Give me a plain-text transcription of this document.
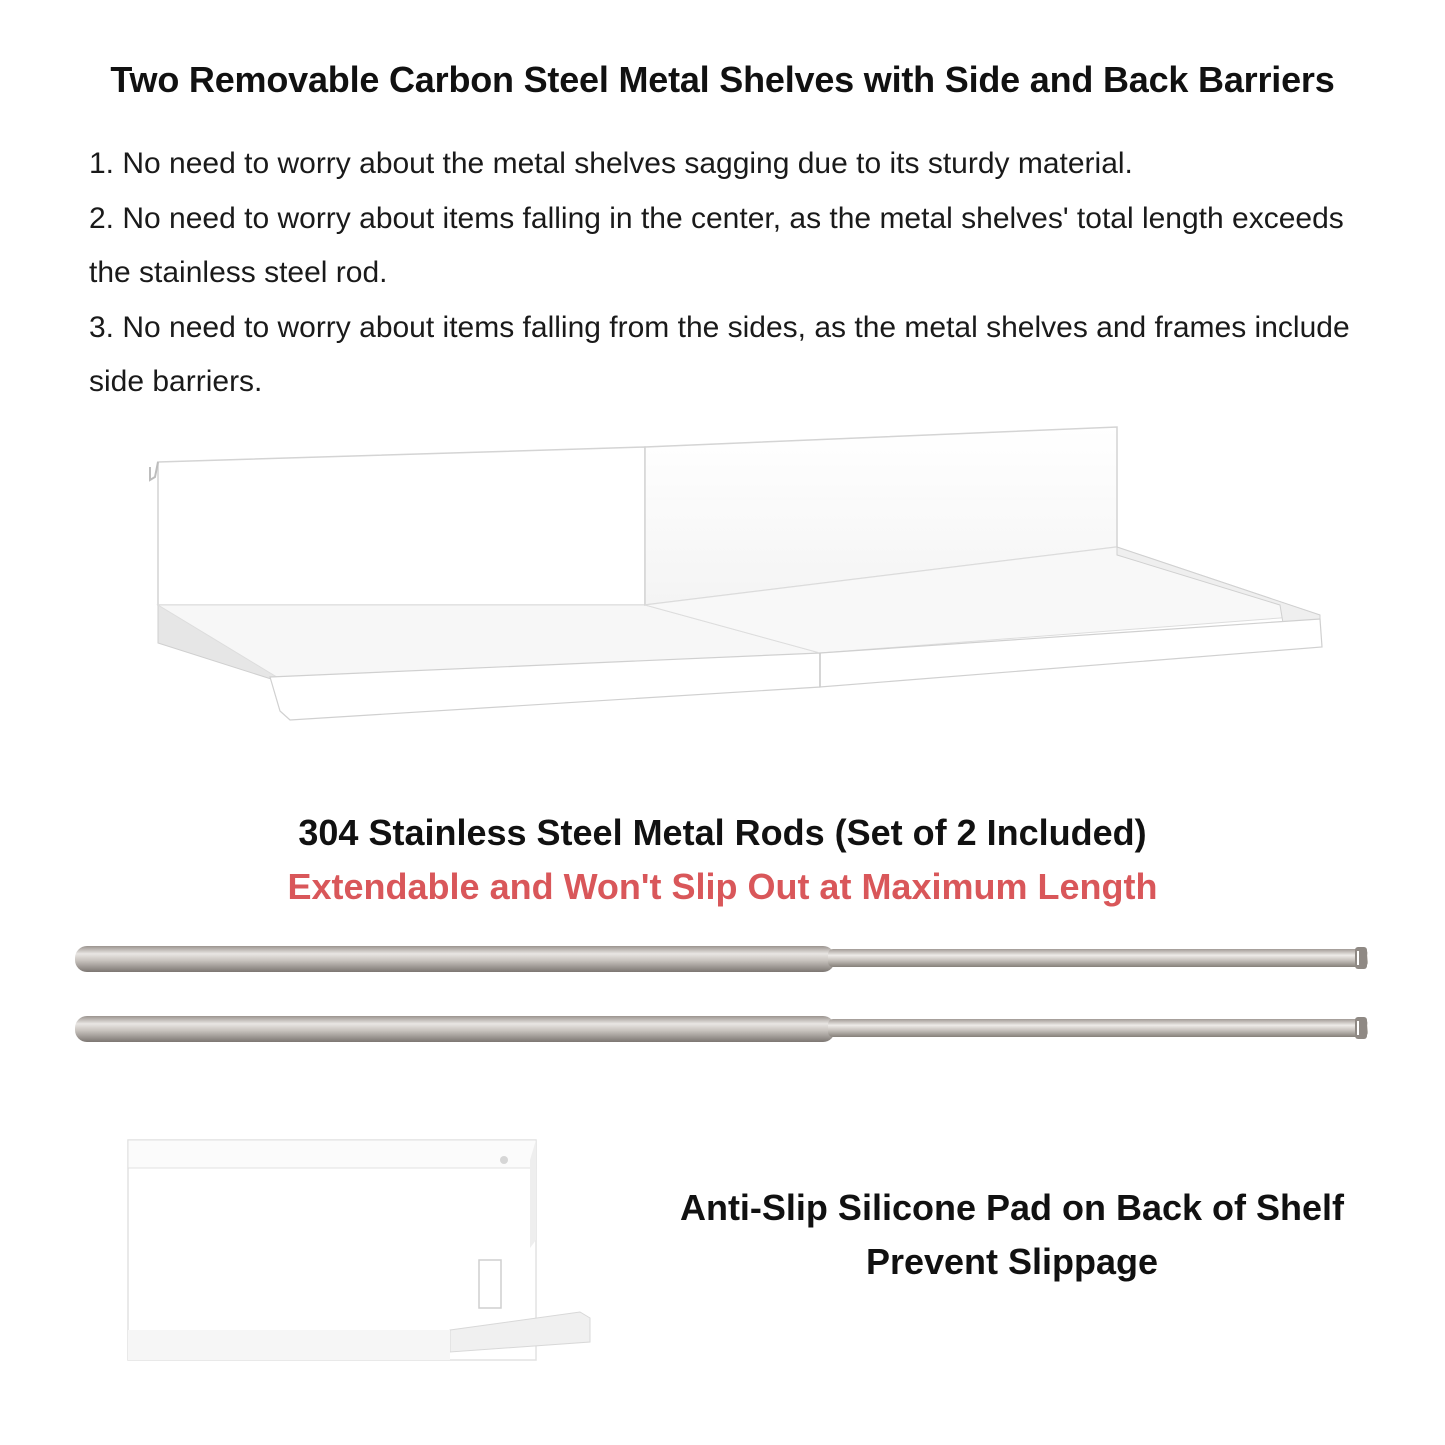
Two Removable Carbon Steel Metal Shelves with Side and Back Barriers
1. No need to worry about the metal shelves sagging due to its sturdy material.
2. No need to worry about items falling in the center, as the metal shelves' total length exceeds the stainless steel rod.
3. No need to worry about items falling from the sides, as the metal shelves and frames include side barriers.
304 Stainless Steel Metal Rods (Set of 2 Included)
Extendable and Won't Slip Out at Maximum Length
Anti-Slip Silicone Pad on Back of Shelf
Prevent Slippage
